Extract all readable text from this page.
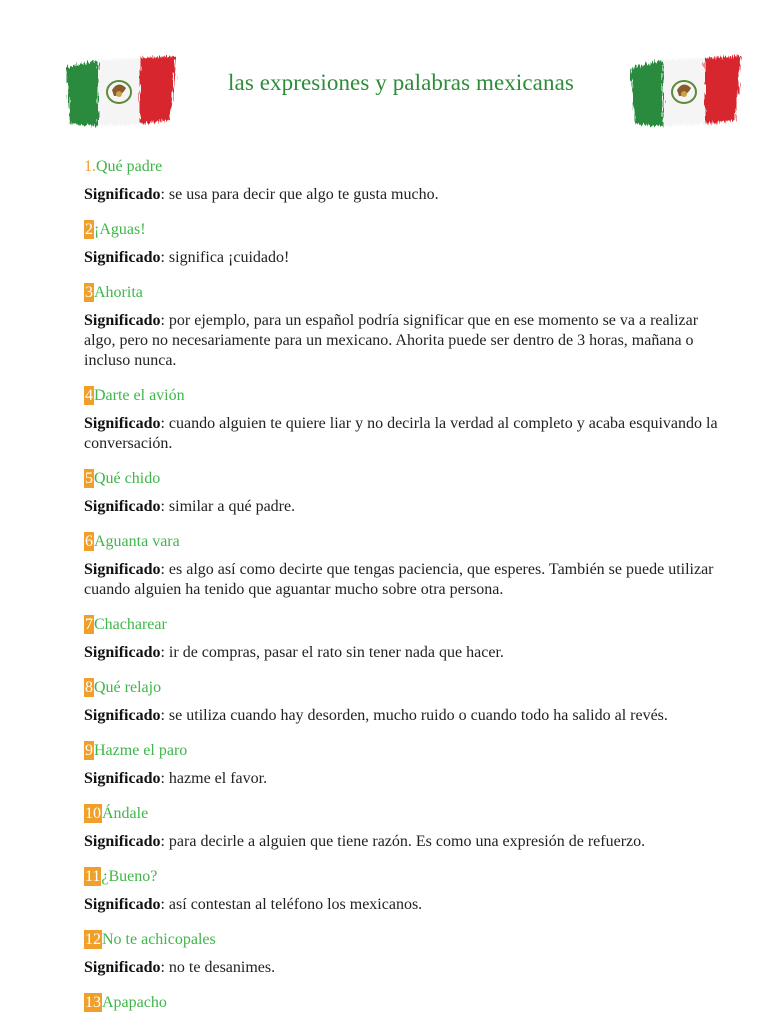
las expresiones y palabras mexicanas
1.Qué padre
Significado: se usa para decir que algo te gusta mucho.
2¡Aguas!
Significado: significa ¡cuidado!
3Ahorita
Significado: por ejemplo, para un español podría significar que en ese momento se va a realizar algo, pero no necesariamente para un mexicano. Ahorita puede ser dentro de 3 horas, mañana o incluso nunca.
4Darte el avión
Significado: cuando alguien te quiere liar y no decirla la verdad al completo y acaba esquivando la conversación.
5Qué chido
Significado: similar a qué padre.
6Aguanta vara
Significado: es algo así como decirte que tengas paciencia, que esperes. También se puede utilizar cuando alguien ha tenido que aguantar mucho sobre otra persona.
7Chacharear
Significado: ir de compras, pasar el rato sin tener nada que hacer.
8Qué relajo
Significado: se utiliza cuando hay desorden, mucho ruido o cuando todo ha salido al revés.
9Hazme el paro
Significado: hazme el favor.
10Ándale
Significado: para decirle a alguien que tiene razón. Es como una expresión de refuerzo.
11¿Bueno?
Significado: así contestan al teléfono los mexicanos.
12No te achicopales
Significado: no te desanimes.
13Apapacho
